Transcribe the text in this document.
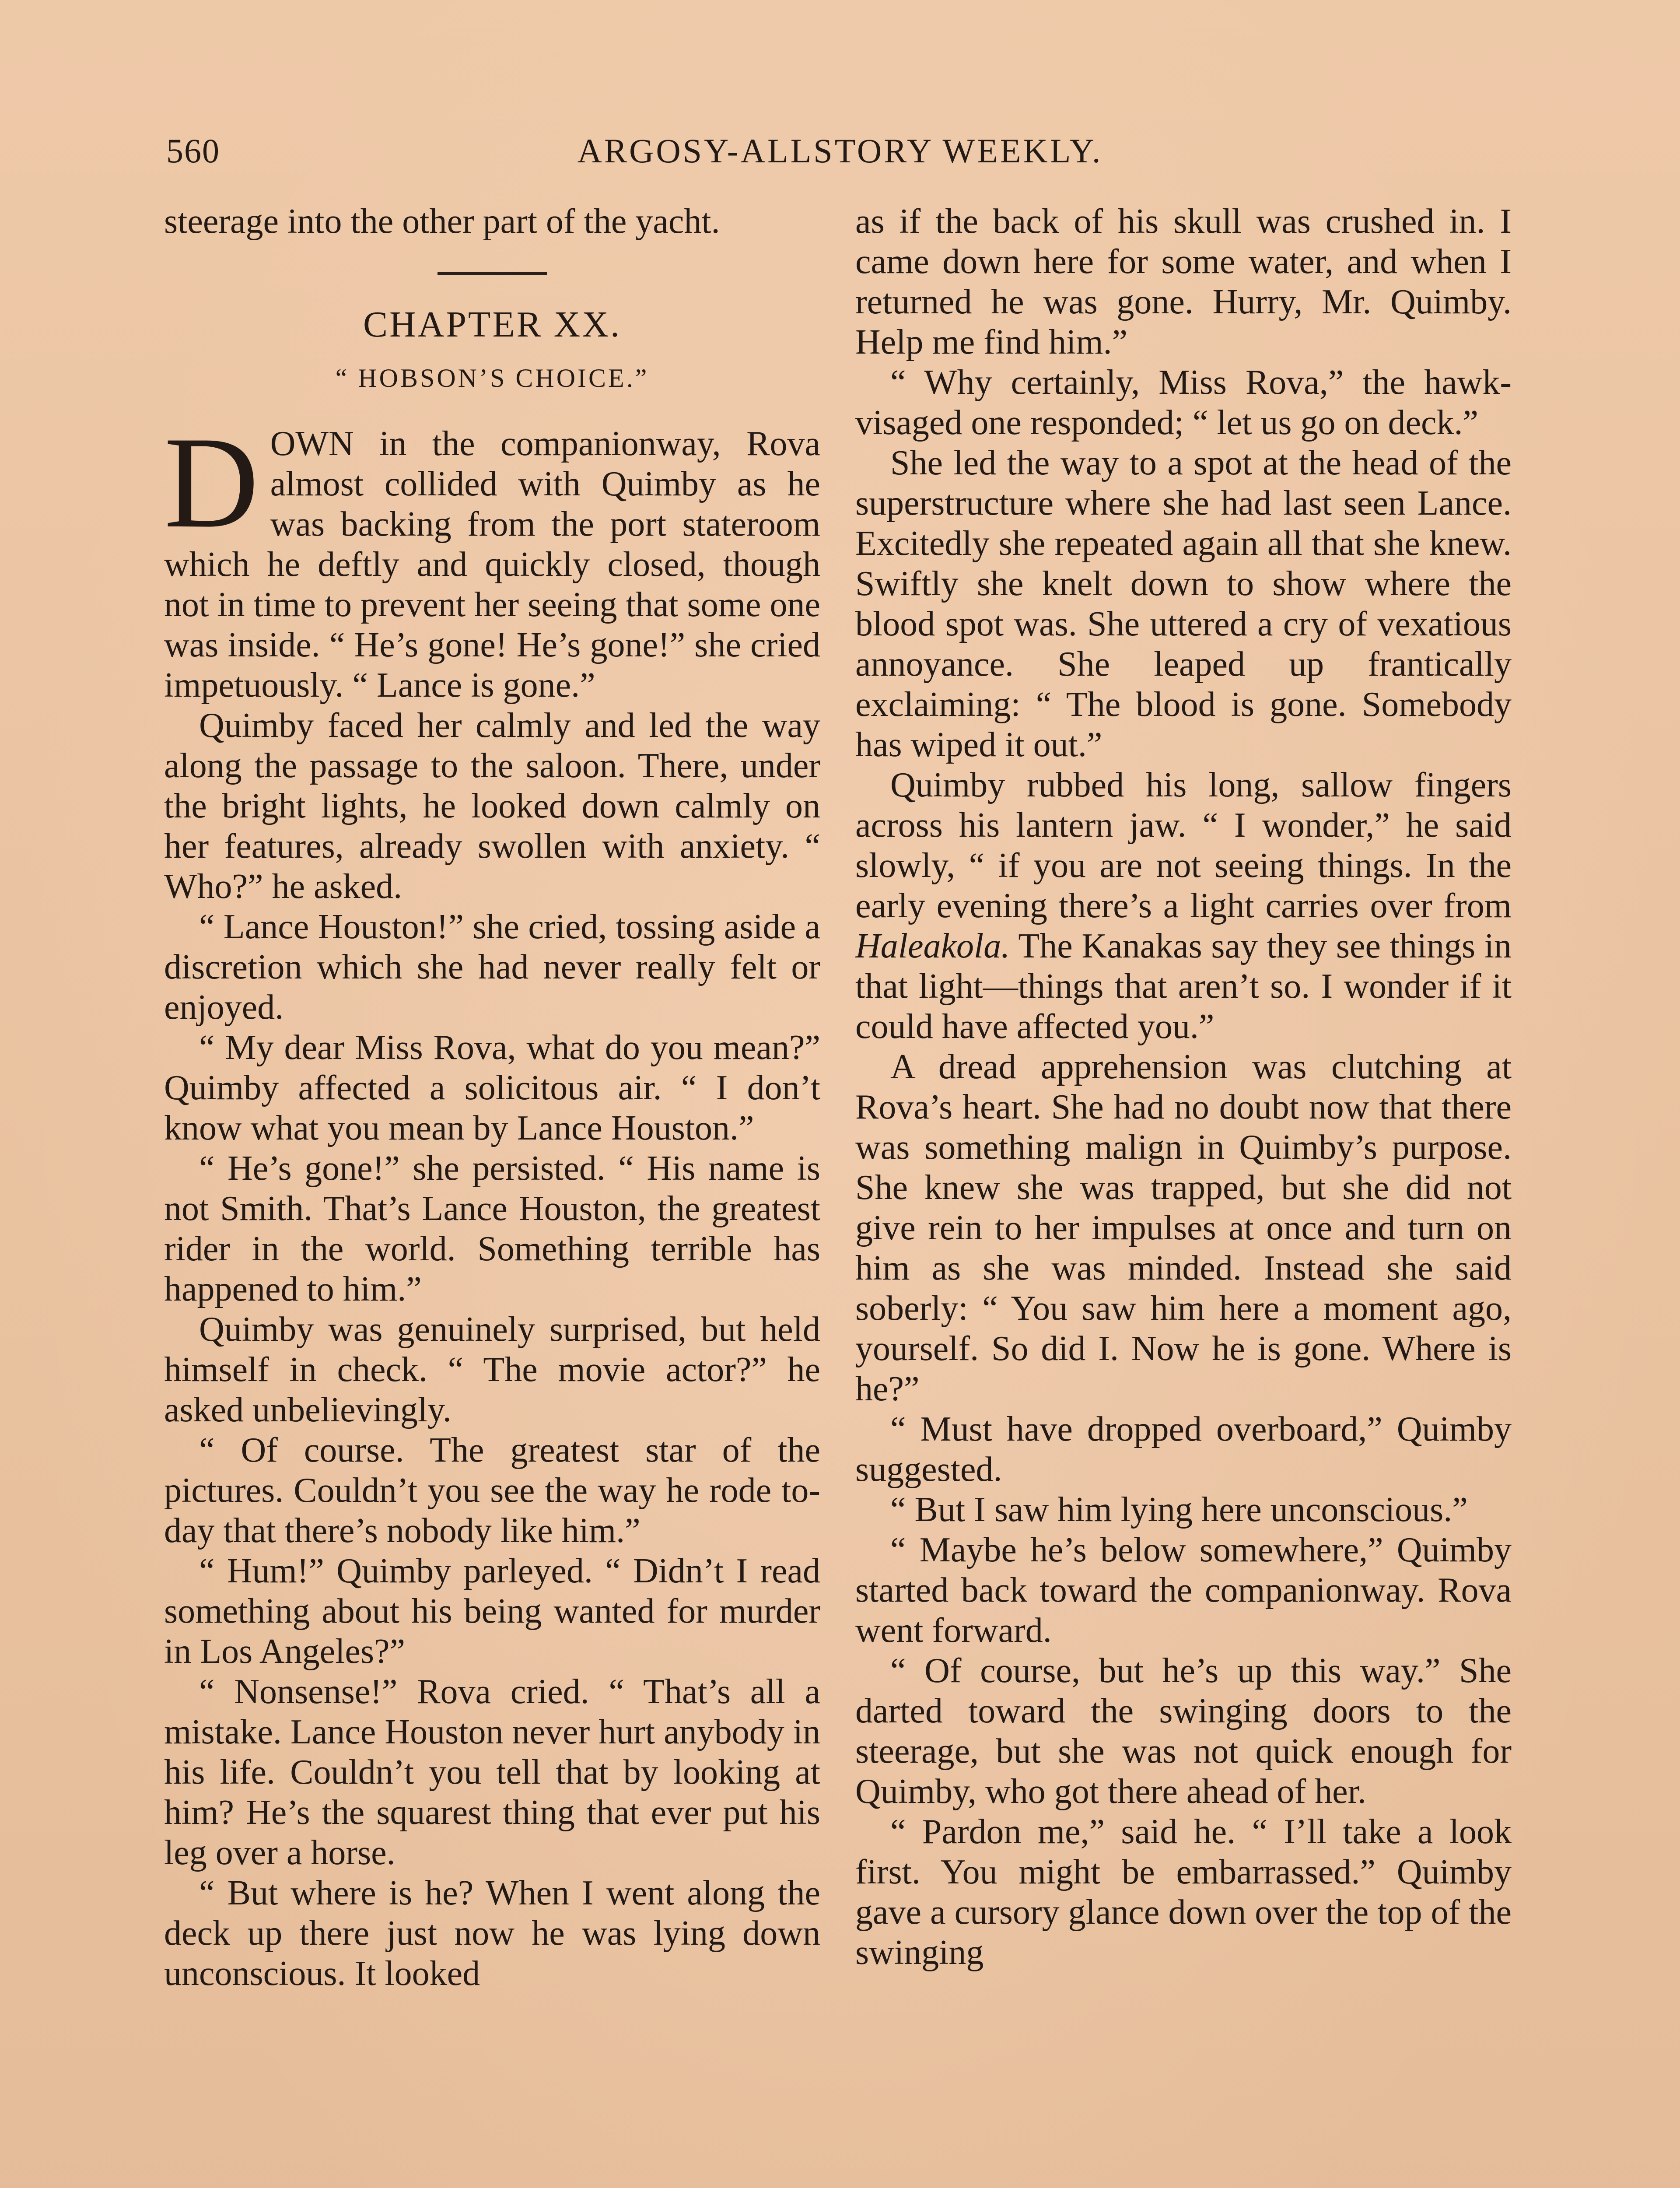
560	ARGOSY-ALLSTORY WEEKLY.

steerage into the other part of the yacht.

CHAPTER XX.
“ HOBSON’S CHOICE.”

DOWN in the companionway, Rova almost collided with Quimby as he was backing from the port stateroom which he deftly and quickly closed, though not in time to prevent her seeing that some one was inside. “ He’s gone! He’s gone!” she cried impetuously. “ Lance is gone.”

Quimby faced her calmly and led the way along the passage to the saloon. There, under the bright lights, he looked down calmly on her features, already swollen with anxiety. “ Who?” he asked.

“ Lance Houston!” she cried, tossing aside a discretion which she had never really felt or enjoyed.

“ My dear Miss Rova, what do you mean?” Quimby affected a solicitous air. “ I don’t know what you mean by Lance Houston.”

“ He’s gone!” she persisted. “ His name is not Smith. That’s Lance Houston, the greatest rider in the world. Something terrible has happened to him.”

Quimby was genuinely surprised, but held himself in check. “ The movie actor?” he asked unbelievingly.

“ Of course. The greatest star of the pictures. Couldn’t you see the way he rode to-day that there’s nobody like him.”

“ Hum!” Quimby parleyed. “ Didn’t I read something about his being wanted for murder in Los Angeles?”

“ Nonsense!” Rova cried. “ That’s all a mistake. Lance Houston never hurt anybody in his life. Couldn’t you tell that by looking at him? He’s the squarest thing that ever put his leg over a horse.

“ But where is he? When I went along the deck up there just now he was lying down unconscious. It looked

as if the back of his skull was crushed in. I came down here for some water, and when I returned he was gone. Hurry, Mr. Quimby. Help me find him.”

“ Why certainly, Miss Rova,” the hawk-visaged one responded; “ let us go on deck.”

She led the way to a spot at the head of the superstructure where she had last seen Lance. Excitedly she repeated again all that she knew. Swiftly she knelt down to show where the blood spot was. She uttered a cry of vexatious annoyance. She leaped up frantically exclaiming: “ The blood is gone. Somebody has wiped it out.”

Quimby rubbed his long, sallow fingers across his lantern jaw. “ I wonder,” he said slowly, “ if you are not seeing things. In the early evening there’s a light carries over from Haleakola. The Kanakas say they see things in that light—things that aren’t so. I wonder if it could have affected you.”

A dread apprehension was clutching at Rova’s heart. She had no doubt now that there was something malign in Quimby’s purpose. She knew she was trapped, but she did not give rein to her impulses at once and turn on him as she was minded. Instead she said soberly: “ You saw him here a moment ago, yourself. So did I. Now he is gone. Where is he?”

“ Must have dropped overboard,” Quimby suggested.

“ But I saw him lying here unconscious.”

“ Maybe he’s below somewhere,” Quimby started back toward the companionway. Rova went forward.

“ Of course, but he’s up this way.” She darted toward the swinging doors to the steerage, but she was not quick enough for Quimby, who got there ahead of her.

“ Pardon me,” said he. “ I’ll take a look first. You might be embarrassed.” Quimby gave a cursory glance down over the top of the swinging
